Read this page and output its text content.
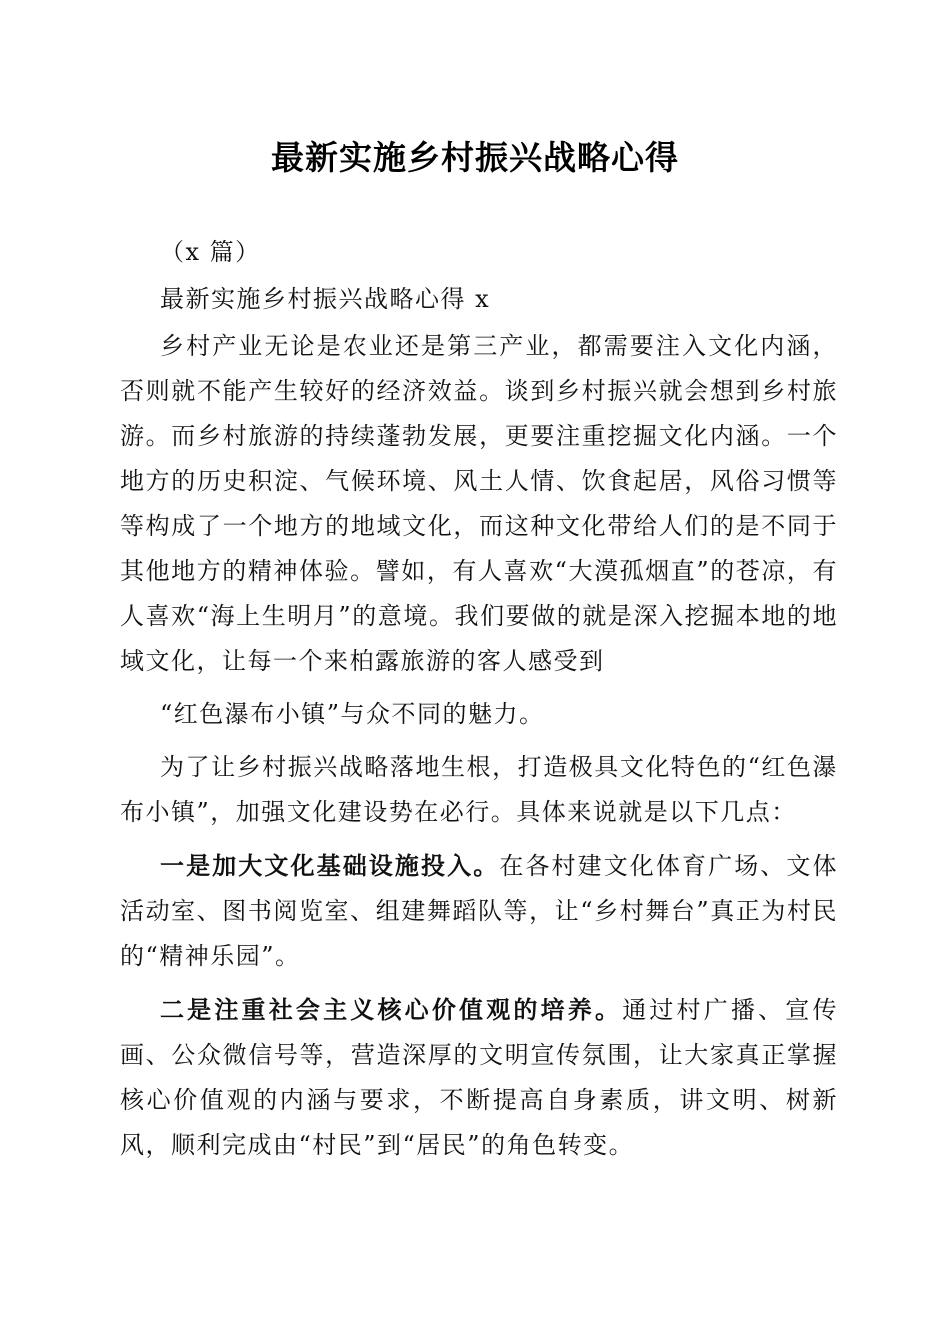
最新实施乡村振兴战略心得

（x 篇）

最新实施乡村振兴战略心得 x

乡村产业无论是农业还是第三产业，都需要注入文化内涵，否则就不能产生较好的经济效益。谈到乡村振兴就会想到乡村旅游。而乡村旅游的持续蓬勃发展，更要注重挖掘文化内涵。一个地方的历史积淀、气候环境、风土人情、饮食起居，风俗习惯等等构成了一个地方的地域文化，而这种文化带给人们的是不同于其他地方的精神体验。譬如，有人喜欢“大漠孤烟直”的苍凉，有人喜欢“海上生明月”的意境。我们要做的就是深入挖掘本地的地域文化，让每一个来柏露旅游的客人感受到

“红色瀑布小镇”与众不同的魅力。

为了让乡村振兴战略落地生根，打造极具文化特色的“红色瀑布小镇”，加强文化建设势在必行。具体来说就是以下几点：

一是加大文化基础设施投入。在各村建文化体育广场、文体活动室、图书阅览室、组建舞蹈队等，让“乡村舞台”真正为村民的“精神乐园”。

二是注重社会主义核心价值观的培养。通过村广播、宣传画、公众微信号等，营造深厚的文明宣传氛围，让大家真正掌握核心价值观的内涵与要求，不断提高自身素质，讲文明、树新风，顺利完成由“村民”到“居民”的角色转变。
